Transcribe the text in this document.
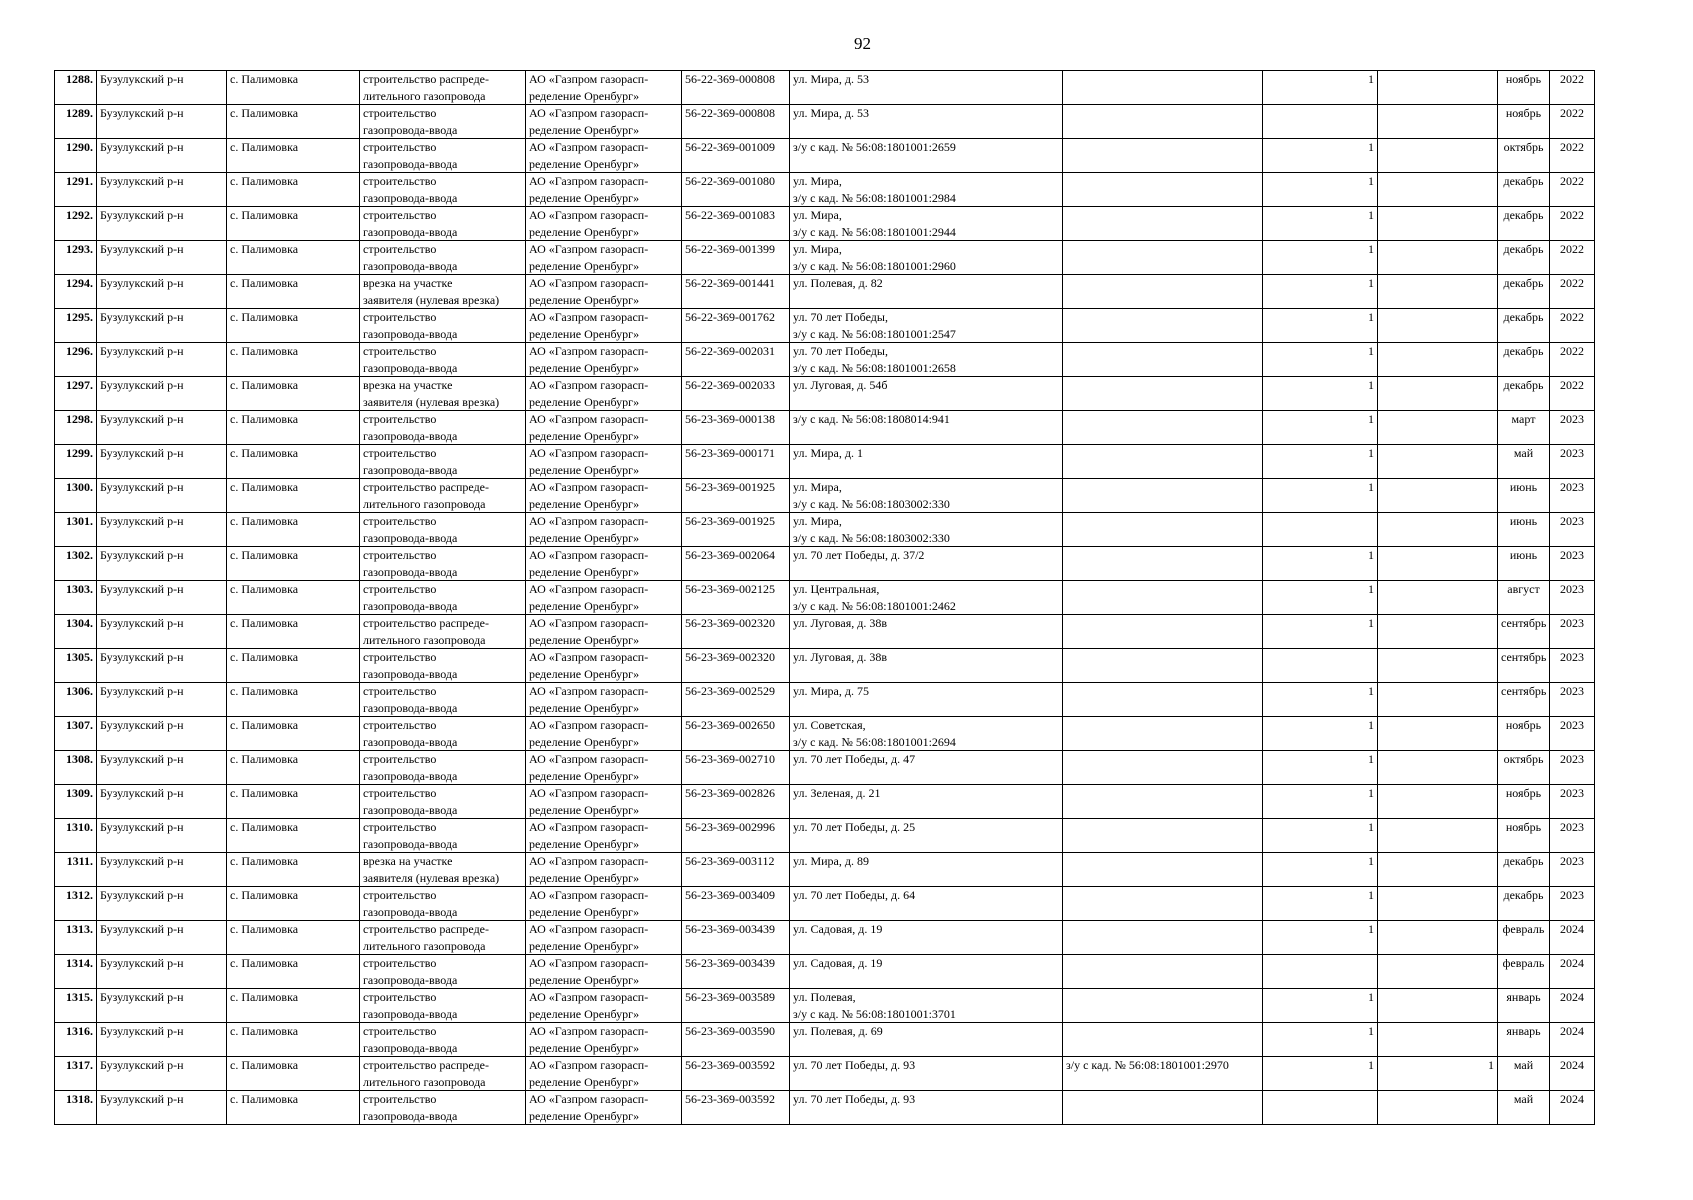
92
1288.	Бузулукский р-н	с. Палимовка	строительство распреде-
лительного газопровода	АО «Газпром газорасп-
ределение Оренбург»	56-22-369-000808	ул. Мира, д. 53		1		ноябрь	2022
1289.	Бузулукский р-н	с. Палимовка	строительство
газопровода-ввода	АО «Газпром газорасп-
ределение Оренбург»	56-22-369-000808	ул. Мира, д. 53				ноябрь	2022
1290.	Бузулукский р-н	с. Палимовка	строительство
газопровода-ввода	АО «Газпром газорасп-
ределение Оренбург»	56-22-369-001009	з/у с кад. № 56:08:1801001:2659		1		октябрь	2022
1291.	Бузулукский р-н	с. Палимовка	строительство
газопровода-ввода	АО «Газпром газорасп-
ределение Оренбург»	56-22-369-001080	ул. Мира,
з/у с кад. № 56:08:1801001:2984		1		декабрь	2022
1292.	Бузулукский р-н	с. Палимовка	строительство
газопровода-ввода	АО «Газпром газорасп-
ределение Оренбург»	56-22-369-001083	ул. Мира,
з/у с кад. № 56:08:1801001:2944		1		декабрь	2022
1293.	Бузулукский р-н	с. Палимовка	строительство
газопровода-ввода	АО «Газпром газорасп-
ределение Оренбург»	56-22-369-001399	ул. Мира,
з/у с кад. № 56:08:1801001:2960		1		декабрь	2022
1294.	Бузулукский р-н	с. Палимовка	врезка на участке
заявителя (нулевая врезка)	АО «Газпром газорасп-
ределение Оренбург»	56-22-369-001441	ул. Полевая, д. 82		1		декабрь	2022
1295.	Бузулукский р-н	с. Палимовка	строительство
газопровода-ввода	АО «Газпром газорасп-
ределение Оренбург»	56-22-369-001762	ул. 70 лет Победы,
з/у с кад. № 56:08:1801001:2547		1		декабрь	2022
1296.	Бузулукский р-н	с. Палимовка	строительство
газопровода-ввода	АО «Газпром газорасп-
ределение Оренбург»	56-22-369-002031	ул. 70 лет Победы,
з/у с кад. № 56:08:1801001:2658		1		декабрь	2022
1297.	Бузулукский р-н	с. Палимовка	врезка на участке
заявителя (нулевая врезка)	АО «Газпром газорасп-
ределение Оренбург»	56-22-369-002033	ул. Луговая, д. 54б		1		декабрь	2022
1298.	Бузулукский р-н	с. Палимовка	строительство
газопровода-ввода	АО «Газпром газорасп-
ределение Оренбург»	56-23-369-000138	з/у с кад. № 56:08:1808014:941		1		март	2023
1299.	Бузулукский р-н	с. Палимовка	строительство
газопровода-ввода	АО «Газпром газорасп-
ределение Оренбург»	56-23-369-000171	ул. Мира, д. 1		1		май	2023
1300.	Бузулукский р-н	с. Палимовка	строительство распреде-
лительного газопровода	АО «Газпром газорасп-
ределение Оренбург»	56-23-369-001925	ул. Мира,
з/у с кад. № 56:08:1803002:330		1		июнь	2023
1301.	Бузулукский р-н	с. Палимовка	строительство
газопровода-ввода	АО «Газпром газорасп-
ределение Оренбург»	56-23-369-001925	ул. Мира,
з/у с кад. № 56:08:1803002:330				июнь	2023
1302.	Бузулукский р-н	с. Палимовка	строительство
газопровода-ввода	АО «Газпром газорасп-
ределение Оренбург»	56-23-369-002064	ул. 70 лет Победы, д. 37/2		1		июнь	2023
1303.	Бузулукский р-н	с. Палимовка	строительство
газопровода-ввода	АО «Газпром газорасп-
ределение Оренбург»	56-23-369-002125	ул. Центральная,
з/у с кад. № 56:08:1801001:2462		1		август	2023
1304.	Бузулукский р-н	с. Палимовка	строительство распреде-
лительного газопровода	АО «Газпром газорасп-
ределение Оренбург»	56-23-369-002320	ул. Луговая, д. 38в		1		сентябрь	2023
1305.	Бузулукский р-н	с. Палимовка	строительство
газопровода-ввода	АО «Газпром газорасп-
ределение Оренбург»	56-23-369-002320	ул. Луговая, д. 38в				сентябрь	2023
1306.	Бузулукский р-н	с. Палимовка	строительство
газопровода-ввода	АО «Газпром газорасп-
ределение Оренбург»	56-23-369-002529	ул. Мира, д. 75		1		сентябрь	2023
1307.	Бузулукский р-н	с. Палимовка	строительство
газопровода-ввода	АО «Газпром газорасп-
ределение Оренбург»	56-23-369-002650	ул. Советская,
з/у с кад. № 56:08:1801001:2694		1		ноябрь	2023
1308.	Бузулукский р-н	с. Палимовка	строительство
газопровода-ввода	АО «Газпром газорасп-
ределение Оренбург»	56-23-369-002710	ул. 70 лет Победы, д. 47		1		октябрь	2023
1309.	Бузулукский р-н	с. Палимовка	строительство
газопровода-ввода	АО «Газпром газорасп-
ределение Оренбург»	56-23-369-002826	ул. Зеленая, д. 21		1		ноябрь	2023
1310.	Бузулукский р-н	с. Палимовка	строительство
газопровода-ввода	АО «Газпром газорасп-
ределение Оренбург»	56-23-369-002996	ул. 70 лет Победы, д. 25		1		ноябрь	2023
1311.	Бузулукский р-н	с. Палимовка	врезка на участке
заявителя (нулевая врезка)	АО «Газпром газорасп-
ределение Оренбург»	56-23-369-003112	ул. Мира, д. 89		1		декабрь	2023
1312.	Бузулукский р-н	с. Палимовка	строительство
газопровода-ввода	АО «Газпром газорасп-
ределение Оренбург»	56-23-369-003409	ул. 70 лет Победы, д. 64		1		декабрь	2023
1313.	Бузулукский р-н	с. Палимовка	строительство распреде-
лительного газопровода	АО «Газпром газорасп-
ределение Оренбург»	56-23-369-003439	ул. Садовая, д. 19		1		февраль	2024
1314.	Бузулукский р-н	с. Палимовка	строительство
газопровода-ввода	АО «Газпром газорасп-
ределение Оренбург»	56-23-369-003439	ул. Садовая, д. 19				февраль	2024
1315.	Бузулукский р-н	с. Палимовка	строительство
газопровода-ввода	АО «Газпром газорасп-
ределение Оренбург»	56-23-369-003589	ул. Полевая,
з/у с кад. № 56:08:1801001:3701		1		январь	2024
1316.	Бузулукский р-н	с. Палимовка	строительство
газопровода-ввода	АО «Газпром газорасп-
ределение Оренбург»	56-23-369-003590	ул. Полевая, д. 69		1		январь	2024
1317.	Бузулукский р-н	с. Палимовка	строительство распреде-
лительного газопровода	АО «Газпром газорасп-
ределение Оренбург»	56-23-369-003592	ул. 70 лет Победы, д. 93	з/у с кад. № 56:08:1801001:2970	1	1	май	2024
1318.	Бузулукский р-н	с. Палимовка	строительство
газопровода-ввода	АО «Газпром газорасп-
ределение Оренбург»	56-23-369-003592	ул. 70 лет Победы, д. 93				май	2024
